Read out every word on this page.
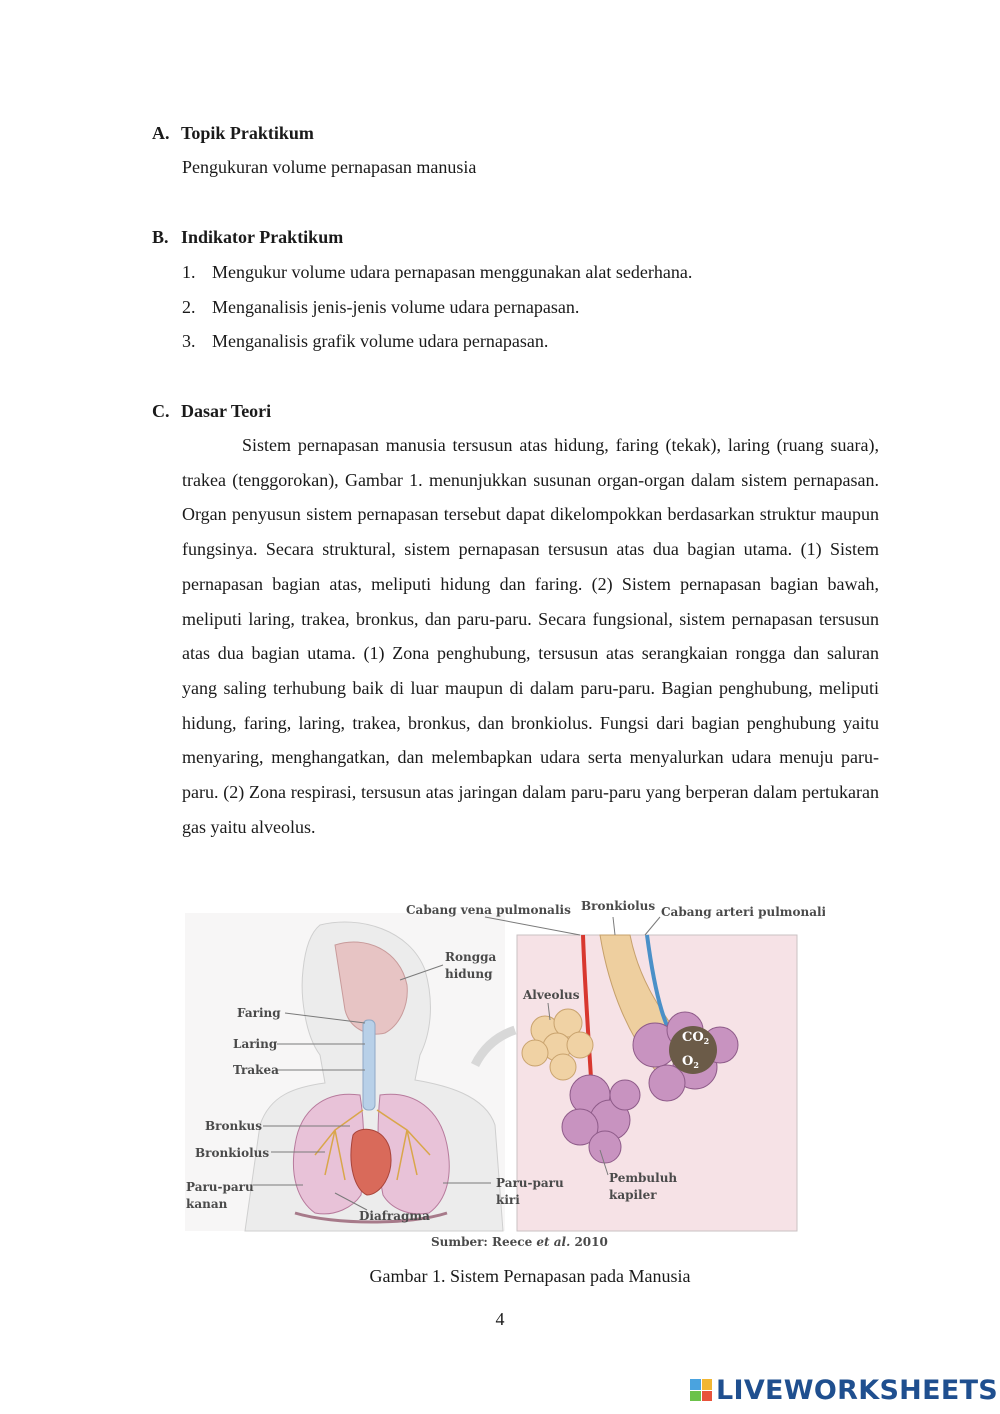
A. Topik Praktikum
Pengukuran volume pernapasan manusia
B. Indikator Praktikum
1. Mengukur volume udara pernapasan menggunakan alat sederhana.
2. Menganalisis jenis-jenis volume udara pernapasan.
3. Menganalisis grafik volume udara pernapasan.
C. Dasar Teori

Sistem pernapasan manusia tersusun atas hidung, faring (tekak), laring (ruang suara), trakea (tenggorokan), Gambar 1. menunjukkan susunan organ-organ dalam sistem pernapasan. Organ penyusun sistem pernapasan tersebut dapat dikelompokkan berdasarkan struktur maupun fungsinya. Secara struktural, sistem pernapasan tersusun atas dua bagian utama. (1) Sistem pernapasan bagian atas, meliputi hidung dan faring. (2) Sistem pernapasan bagian bawah, meliputi laring, trakea, bronkus, dan paru-paru. Secara fungsional, sistem pernapasan tersusun atas dua bagian utama. (1) Zona penghubung, tersusun atas serangkaian rongga dan saluran yang saling terhubung baik di luar maupun di dalam paru-paru. Bagian penghubung, meliputi hidung, faring, laring, trakea, bronkus, dan bronkiolus. Fungsi dari bagian penghubung yaitu menyaring, menghangatkan, dan melembapkan udara serta menyalurkan udara menuju paru-paru. (2) Zona respirasi, tersusun atas jaringan dalam paru-paru yang berperan dalam pertukaran gas yaitu alveolus.

$CO_2$
$O_2$
Rongga
hidung
Faring
Laring
Trakea
Bronkus
Bronkiolus
Paru-paru
kanan
Diafragma
Paru-paru
kiri
Cabang vena pulmonalis Bronkiolus Cabang arteri pulmonalis
Alveolus
Pembuluh
kapiler
Sumber: Reece et al. 2010
Gambar 1. Sistem Pernapasan pada Manusia
4
LIVEWORKSHEETS
